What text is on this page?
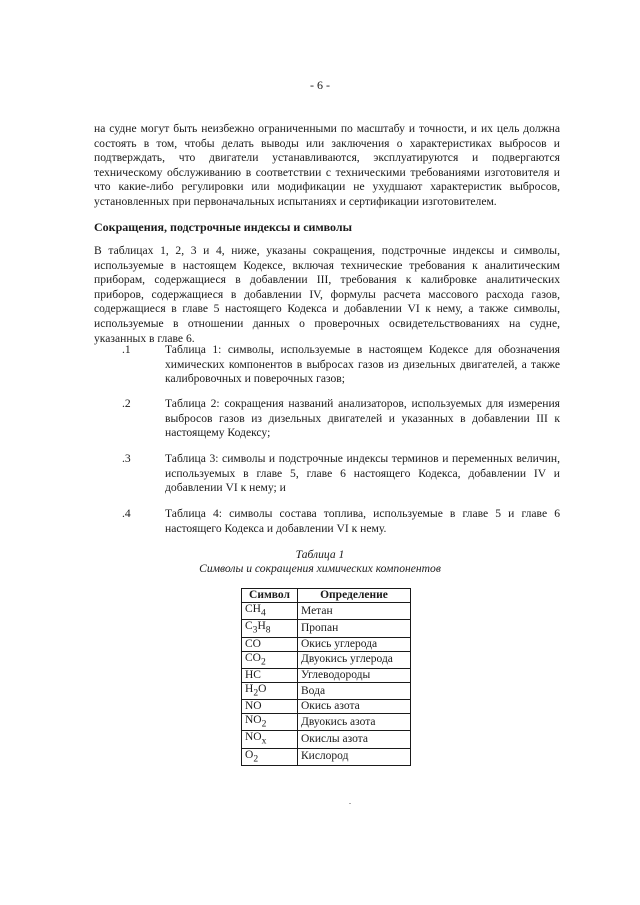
- 6 -
на судне могут быть неизбежно ограниченными по масштабу и точности, и их цель должна состоять в том, чтобы делать выводы или заключения о характеристиках выбросов и подтверждать, что двигатели устанавливаются, эксплуатируются и подвергаются техническому обслуживанию в соответствии с техническими требованиями изготовителя и что какие-либо регулировки или модификации не ухудшают характеристик выбросов, установленных при первоначальных испытаниях и сертификации изготовителем.
Сокращения, подстрочные индексы и символы
В таблицах 1, 2, 3 и 4, ниже, указаны сокращения, подстрочные индексы и символы, используемые в настоящем Кодексе, включая технические требования к аналитическим приборам, содержащиеся в добавлении III, требования к калибровке аналитических приборов, содержащиеся в добавлении IV, формулы расчета массового расхода газов, содержащиеся в главе 5 настоящего Кодекса и добавлении VI к нему, а также символы, используемые в отношении данных о проверочных освидетельствованиях на судне, указанных в главе 6.
.1	Таблица 1: символы, используемые в настоящем Кодексе для обозначения химических компонентов в выбросах газов из дизельных двигателей, а также калибровочных и поверочных газов;
.2	Таблица 2: сокращения названий анализаторов, используемых для измерения выбросов газов из дизельных двигателей и указанных в добавлении III к настоящему Кодексу;
.3	Таблица 3: символы и подстрочные индексы терминов и переменных величин, используемых в главе 5, главе 6 настоящего Кодекса, добавлении IV и добавлении VI к нему; и
.4	Таблица 4: символы состава топлива, используемые в главе 5 и главе 6 настоящего Кодекса и добавлении VI к нему.
Таблица 1
Символы и сокращения химических компонентов
Символ	Определение
$CH_4$	Метан
$C_3H_8$	Пропан
CO	Окись углерода
$CO_2$	Двуокись углерода
HC	Углеводороды
$H_2O$	Вода
NO	Окись азота
$NO_2$	Двуокись азота
$NO_x$	Окислы азота
$O_2$	Кислород
